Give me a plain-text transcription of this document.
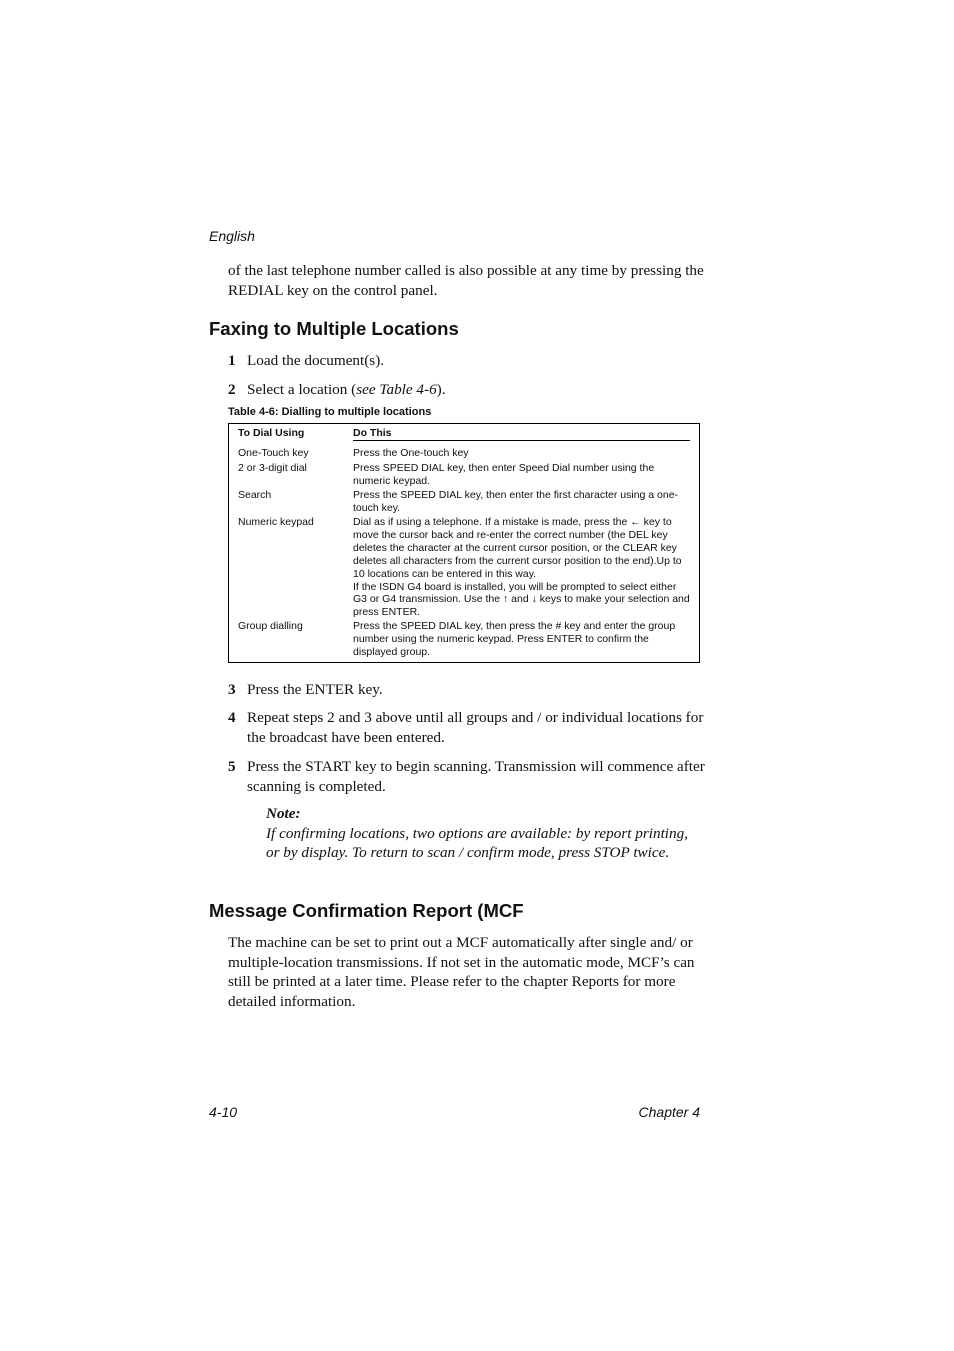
English

of the last telephone number called is also possible at any time by pressing the REDIAL key on the control panel.

Faxing to Multiple Locations
1 Load the document(s).
2 Select a location (see Table 4-6).
Table 4-6: Dialling to multiple locations
To Dial Using	Do This
One-Touch key	Press the One-touch key
2 or 3-digit dial	Press SPEED DIAL key, then enter Speed Dial number using the numeric keypad.
Search	Press the SPEED DIAL key, then enter the first character using a one-touch key.
Numeric keypad	Dial as if using a telephone. If a mistake is made, press the ← key to move the cursor back and re-enter the correct number (the DEL key deletes the character at the current cursor position, or the CLEAR key deletes all characters from the current cursor position to the end).Up to 10 locations can be entered in this way.
If the ISDN G4 board is installed, you will be prompted to select either G3 or G4 transmission. Use the ↑ and ↓ keys to make your selection and press ENTER.
Group dialling	Press the SPEED DIAL key, then press the # key and enter the group number using the numeric keypad. Press ENTER to confirm the displayed group.
3 Press the ENTER key.
4 Repeat steps 2 and 3 above until all groups and / or individual locations for the broadcast have been entered.
5 Press the START key to begin scanning. Transmission will commence after scanning is completed.
Note:
If confirming locations, two options are available: by report printing, or by display. To return to scan / confirm mode, press STOP twice.
Message Confirmation Report (MCF

The machine can be set to print out a MCF automatically after single and/ or multiple-location transmissions. If not set in the automatic mode, MCF’s can still be printed at a later time. Please refer to the chapter Reports for more detailed information.

4-10	Chapter 4
